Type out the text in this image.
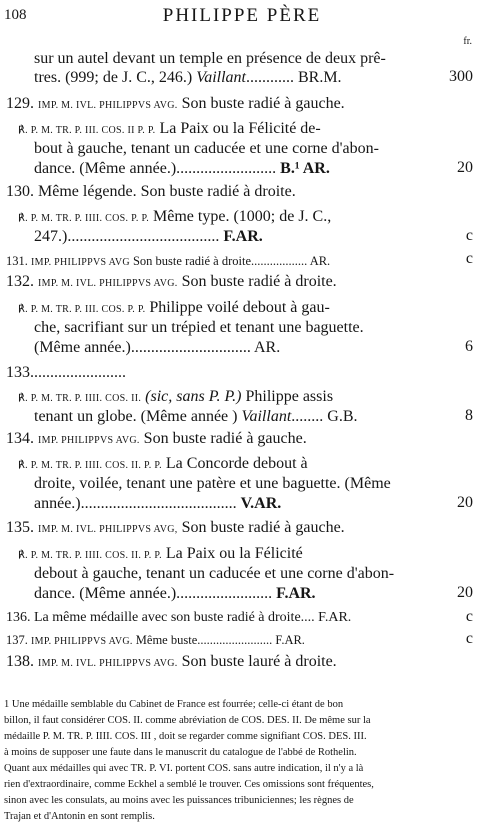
108	PHILIPPE PÈRE
fr.
sur un autel devant un temple en présence de deux prê-
tres. (999; de J. C., 246.) Vaillant............ BR.M.	300
129. IMP. M. IVL. PHILIPPVS AVG. Son buste radié à gauche.
℟. P. M. TR. P. III. COS. II P. P. La Paix ou la Félicité de-
bout à gauche, tenant un caducée et une corne d'abon-
dance. (Même année.)......................... B.¹ AR.	20
130. Même légende. Son buste radié à droite.
℟. P. M. TR. P. IIII. COS. P. P. Même type. (1000; de J. C.,
247.)...................................... F.AR.	c
131. IMP. PHILIPPVS AVG Son buste radié à droite.................. AR.	c
132. IMP. M. IVL. PHILIPPVS AVG. Son buste radié à droite.
℟. P. M. TR. P. III. COS. P. P. Philippe voilé debout à gau-
che, sacrifiant sur un trépied et tenant une baguette.
(Même année.).............................. AR.	6
133........................
℟. P. M. TR. P. IIII. COS. II. (sic, sans P. P.) Philippe assis
tenant un globe. (Même année ) Vaillant........ G.B.	8
134. IMP. PHILIPPVS AVG. Son buste radié à gauche.
℟. P. M. TR. P. IIII. COS. II. P. P. La Concorde debout à
droite, voilée, tenant une patère et une baguette. (Même
année.)....................................... V.AR.	20
135. IMP. M. IVL. PHILIPPVS AVG, Son buste radié à gauche.
℟. P. M. TR. P. IIII. COS. II. P. P. La Paix ou la Félicité
debout à gauche, tenant un caducée et une corne d'abon-
dance. (Même année.)........................ F.AR.	20
136. La même médaille avec son buste radié à droite.... F.AR.	c
137. IMP. PHILIPPVS AVG. Même buste........................ F.AR.	c
138. IMP. M. IVL. PHILIPPVS AVG. Son buste lauré à droite.
1 Une médaille semblable du Cabinet de France est fourrée; celle-ci étant de bon
billon, il faut considérer COS. II. comme abréviation de COS. DES. II. De même sur la
médaille P. M. TR. P. IIII. COS. III , doit se regarder comme signifiant COS. DES. III.
à moins de supposer une faute dans le manuscrit du catalogue de l'abbé de Rothelin.
Quant aux médailles qui avec TR. P. VI. portent COS. sans autre indication, il n'y a là
rien d'extraordinaire, comme Eckhel a semblé le trouver. Ces omissions sont fréquentes,
sinon avec les consulats, au moins avec les puissances tribuniciennes; les règnes de
Trajan et d'Antonin en sont remplis.
